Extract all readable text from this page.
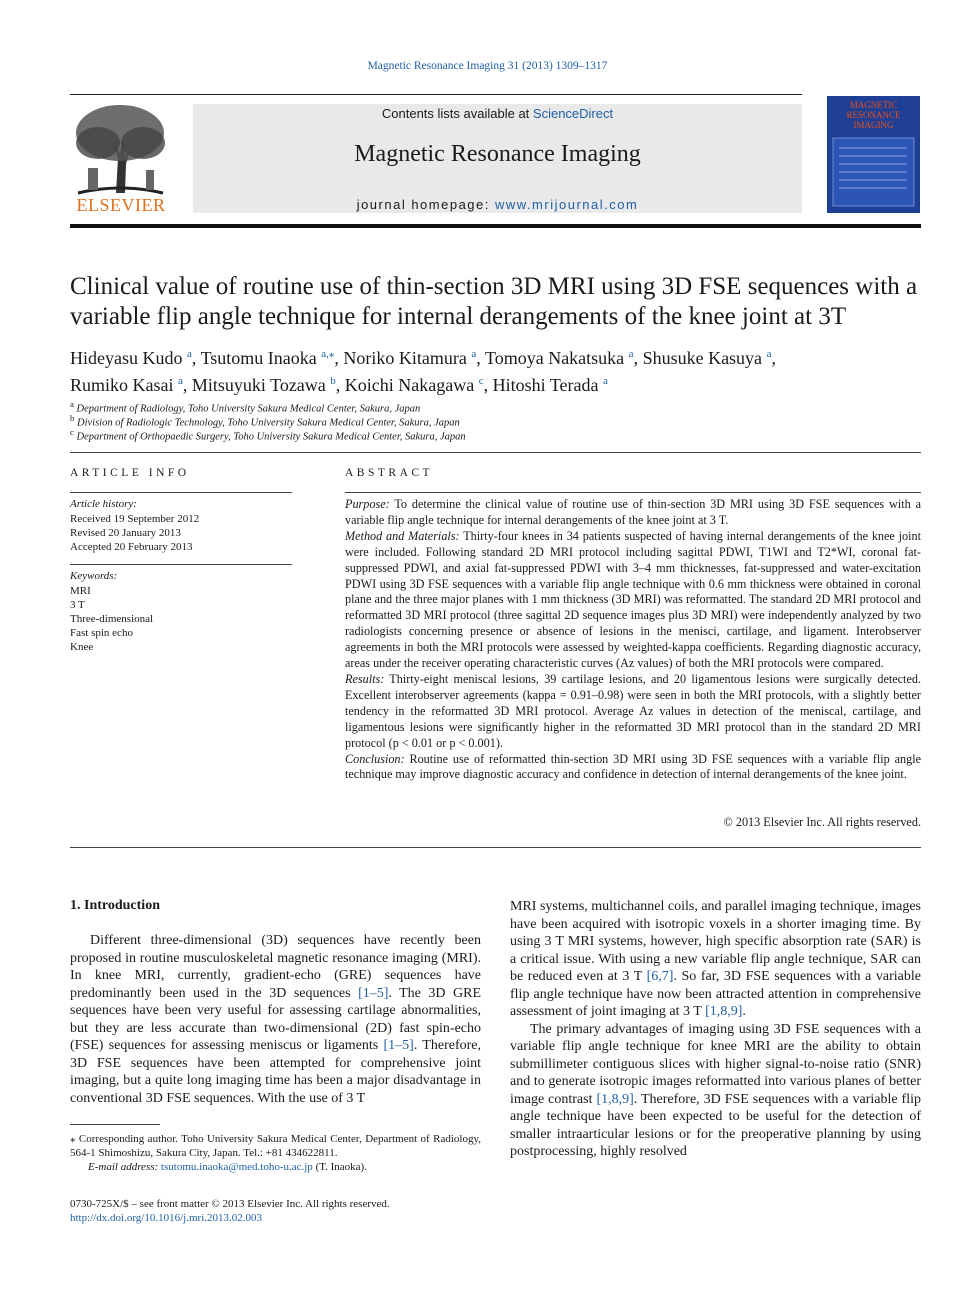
Magnetic Resonance Imaging 31 (2013) 1309–1317
ELSEVIER
Contents lists available at ScienceDirect
Magnetic Resonance Imaging
journal homepage: www.mrijournal.com
MAGNETIC RESONANCE IMAGING
Clinical value of routine use of thin-section 3D MRI using 3D FSE sequences with a
variable flip angle technique for internal derangements of the knee joint at 3T
Hideyasu Kudo $^a$, Tsutomu Inaoka $^{a,⁎}$, Noriko Kitamura $^a$, Tomoya Nakatsuka $^a$, Shusuke Kasuya $^a$,
Rumiko Kasai $^a$, Mitsuyuki Tozawa $^b$, Koichi Nakagawa $^c$, Hitoshi Terada $^a$
$^a$ Department of Radiology, Toho University Sakura Medical Center, Sakura, Japan
$^b$ Division of Radiologic Technology, Toho University Sakura Medical Center, Sakura, Japan
$^c$ Department of Orthopaedic Surgery, Toho University Sakura Medical Center, Sakura, Japan
ARTICLE INFO
Article history:
Received 19 September 2012
Revised 20 January 2013
Accepted 20 February 2013
Keywords:
MRI
3 T
Three-dimensional
Fast spin echo
Knee
ABSTRACT

Purpose: To determine the clinical value of routine use of thin-section 3D MRI using 3D FSE sequences with a variable flip angle technique for internal derangements of the knee joint at 3 T.

Method and Materials: Thirty-four knees in 34 patients suspected of having internal derangements of the knee joint were included. Following standard 2D MRI protocol including sagittal PDWI, T1WI and T2*WI, coronal fat-suppressed PDWI, and axial fat-suppressed PDWI with 3–4 mm thicknesses, fat-suppressed and water-excitation PDWI using 3D FSE sequences with a variable flip angle technique with 0.6 mm thickness were obtained in coronal plane and the three major planes with 1 mm thickness (3D MRI) was reformatted. The standard 2D MRI protocol and reformatted 3D MRI protocol (three sagittal 2D sequence images plus 3D MRI) were independently analyzed by two radiologists concerning presence or absence of lesions in the menisci, cartilage, and ligament. Interobserver agreements in both the MRI protocols were assessed by weighted-kappa coefficients. Regarding diagnostic accuracy, areas under the receiver operating characteristic curves (Az values) of both the MRI protocols were compared.

Results: Thirty-eight meniscal lesions, 39 cartilage lesions, and 20 ligamentous lesions were surgically detected. Excellent interobserver agreements (kappa = 0.91–0.98) were seen in both the MRI protocols, with a slightly better tendency in the reformatted 3D MRI protocol. Average Az values in detection of the meniscal, cartilage, and ligamentous lesions were significantly higher in the reformatted 3D MRI protocol than in the standard 2D MRI protocol (p < 0.01 or p < 0.001).

Conclusion: Routine use of reformatted thin-section 3D MRI using 3D FSE sequences with a variable flip angle technique may improve diagnostic accuracy and confidence in detection of internal derangements of the knee joint.

© 2013 Elsevier Inc. All rights reserved.
1. Introduction

Different three-dimensional (3D) sequences have recently been proposed in routine musculoskeletal magnetic resonance imaging (MRI). In knee MRI, currently, gradient-echo (GRE) sequences have predominantly been used in the 3D sequences [1–5]. The 3D GRE sequences have been very useful for assessing cartilage abnormalities, but they are less accurate than two-dimensional (2D) fast spin-echo (FSE) sequences for assessing meniscus or ligaments [1–5]. Therefore, 3D FSE sequences have been attempted for comprehensive joint imaging, but a quite long imaging time has been a major disadvantage in conventional 3D FSE sequences. With the use of 3 T

MRI systems, multichannel coils, and parallel imaging technique, images have been acquired with isotropic voxels in a shorter imaging time. By using 3 T MRI systems, however, high specific absorption rate (SAR) is a critical issue. With using a new variable flip angle technique, SAR can be reduced even at 3 T [6,7]. So far, 3D FSE sequences with a variable flip angle technique have now been attracted attention in comprehensive assessment of joint imaging at 3 T [1,8,9].

The primary advantages of imaging using 3D FSE sequences with a variable flip angle technique for knee MRI are the ability to obtain submillimeter contiguous slices with higher signal-to-noise ratio (SNR) and to generate isotropic images reformatted into various planes of better image contrast [1,8,9]. Therefore, 3D FSE sequences with a variable flip angle technique have been expected to be useful for the detection of smaller intraarticular lesions or for the preoperative planning by using postprocessing, highly resolved

⁎ Corresponding author. Toho University Sakura Medical Center, Department of Radiology, 564-1 Shimoshizu, Sakura City, Japan. Tel.: +81 434622811.
E-mail address: tsutomu.inaoka@med.toho-u.ac.jp (T. Inaoka).
0730-725X/$ – see front matter © 2013 Elsevier Inc. All rights reserved.
http://dx.doi.org/10.1016/j.mri.2013.02.003
